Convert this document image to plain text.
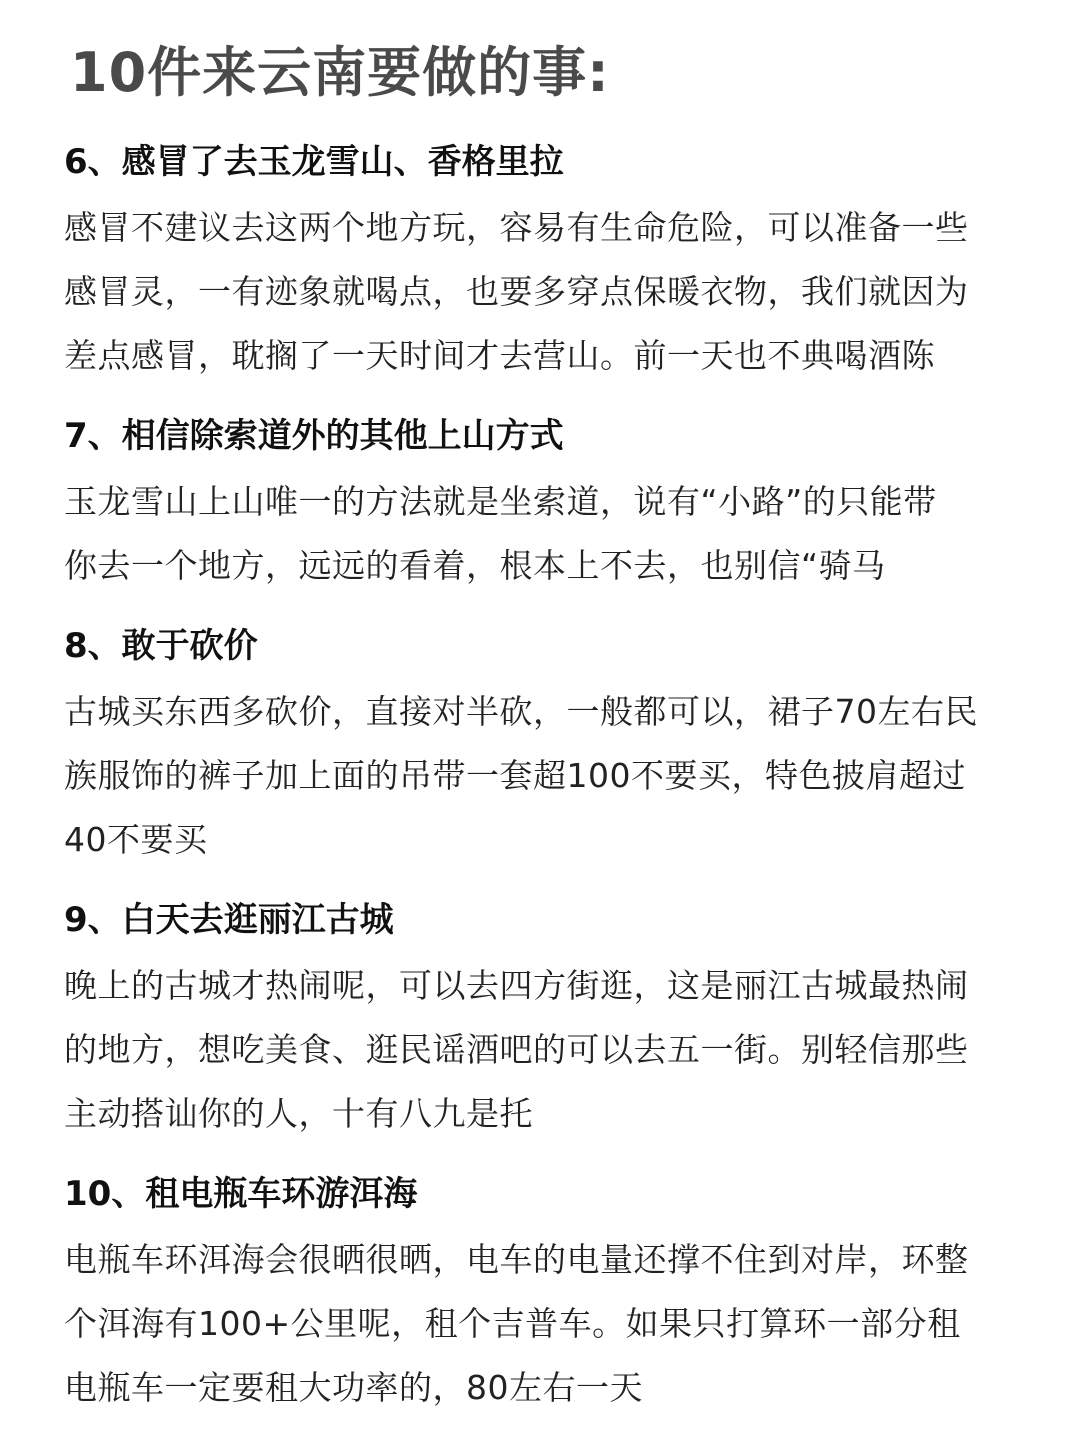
10件来云南要做的事:
6、感冒了去玉龙雪山、香格里拉
感冒不建议去这两个地方玩，容易有生命危险，可以准备一些
感冒灵，一有迹象就喝点，也要多穿点保暖衣物，我们就因为
差点感冒，耽搁了一天时间才去营山。前一天也不典喝酒陈
7、相信除索道外的其他上山方式
玉龙雪山上山唯一的方法就是坐索道，说有“小路”的只能带
你去一个地方，远远的看着，根本上不去，也别信“骑马
8、敢于砍价
古城买东西多砍价，直接对半砍，一般都可以，裙子70左右民
族服饰的裤子加上面的吊带一套超100不要买，特色披肩超过
40不要买
9、白天去逛丽江古城
晚上的古城才热闹呢，可以去四方街逛，这是丽江古城最热闹
的地方，想吃美食、逛民谣酒吧的可以去五一街。别轻信那些
主动搭讪你的人，十有八九是托
10、租电瓶车环游洱海
电瓶车环洱海会很晒很晒，电车的电量还撑不住到对岸，环整
个洱海有100+公里呢，租个吉普车。如果只打算环一部分租
电瓶车一定要租大功率的，80左右一天
